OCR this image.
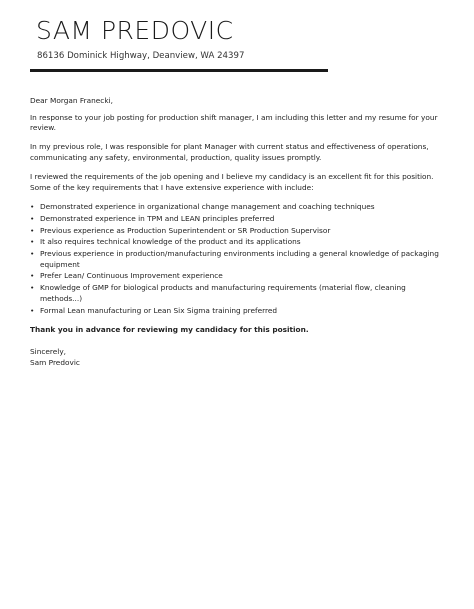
SAM PREDOVIC
86136 Dominick Highway, Deanview, WA 24397

Dear Morgan Franecki,

In response to your job posting for production shift manager, I am including this letter and my resume for your review.

In my previous role, I was responsible for plant Manager with current status and effectiveness of operations, communicating any safety, environmental, production, quality issues promptly.

I reviewed the requirements of the job opening and I believe my candidacy is an excellent fit for this position. Some of the key requirements that I have extensive experience with include:

• Demonstrated experience in organizational change management and coaching techniques
• Demonstrated experience in TPM and LEAN principles preferred
• Previous experience as Production Superintendent or SR Production Supervisor
• It also requires technical knowledge of the product and its applications
• Previous experience in production/manufacturing environments including a general knowledge of packaging equipment
• Prefer Lean/ Continuous Improvement experience
• Knowledge of GMP for biological products and manufacturing requirements (material flow, cleaning methods...)
• Formal Lean manufacturing or Lean Six Sigma training preferred

Thank you in advance for reviewing my candidacy for this position.

Sincerely,

Sam Predovic
